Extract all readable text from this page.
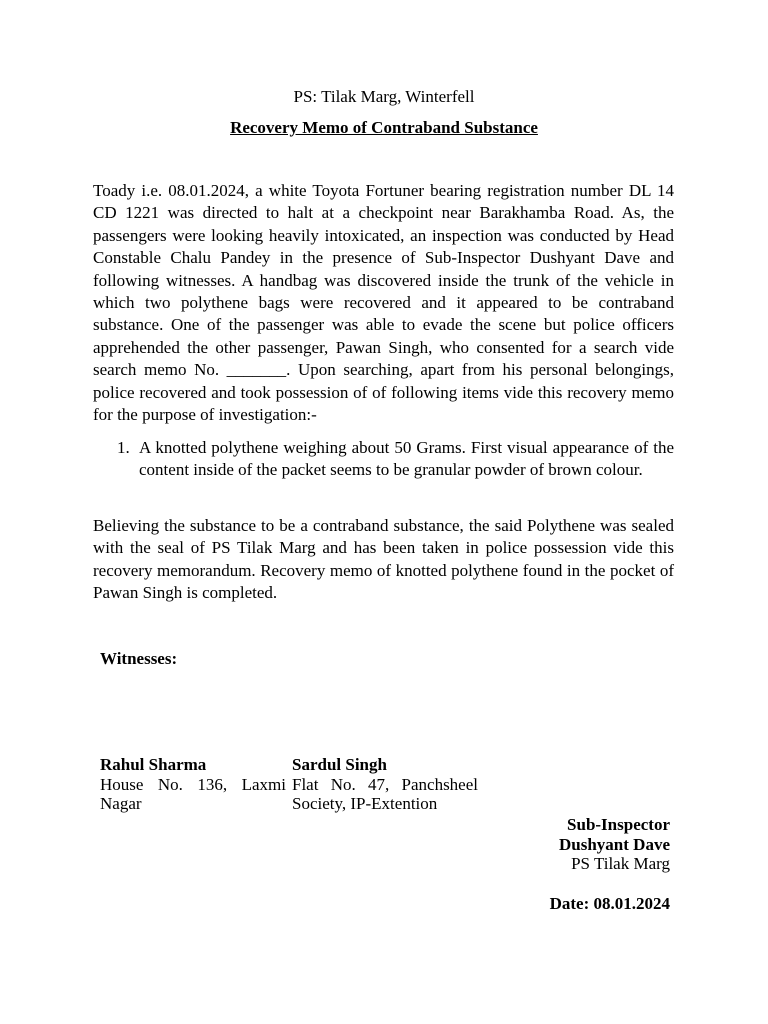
PS: Tilak Marg, Winterfell

Recovery Memo of Contraband Substance

Toady i.e. 08.01.2024, a white Toyota Fortuner bearing registration number DL 14 CD 1221 was directed to halt at a checkpoint near Barakhamba Road. As, the passengers were looking heavily intoxicated, an inspection was conducted by Head Constable Chalu Pandey in the presence of Sub-Inspector Dushyant Dave and following witnesses. A handbag was discovered inside the trunk of the vehicle in which two polythene bags were recovered and it appeared to be contraband substance. One of the passenger was able to evade the scene but police officers apprehended the other passenger, Pawan Singh, who consented for a search vide search memo No. _______. Upon searching, apart from his personal belongings, police recovered and took possession of of following items vide this recovery memo for the purpose of investigation:-

1. A knotted polythene weighing about 50 Grams. First visual appearance of the content inside of the packet seems to be granular powder of brown colour.

Believing the substance to be a contraband substance, the said Polythene was sealed with the seal of PS Tilak Marg and has been taken in police possession vide this recovery memorandum. Recovery memo of knotted polythene found in the pocket of Pawan Singh is completed.

Witnesses:

Rahul Sharma
House No. 136, Laxmi Nagar
Sardul Singh
Flat No. 47, Panchsheel Society, IP-Extention
Sub-Inspector
Dushyant Dave
PS Tilak Marg

Date: 08.01.2024
